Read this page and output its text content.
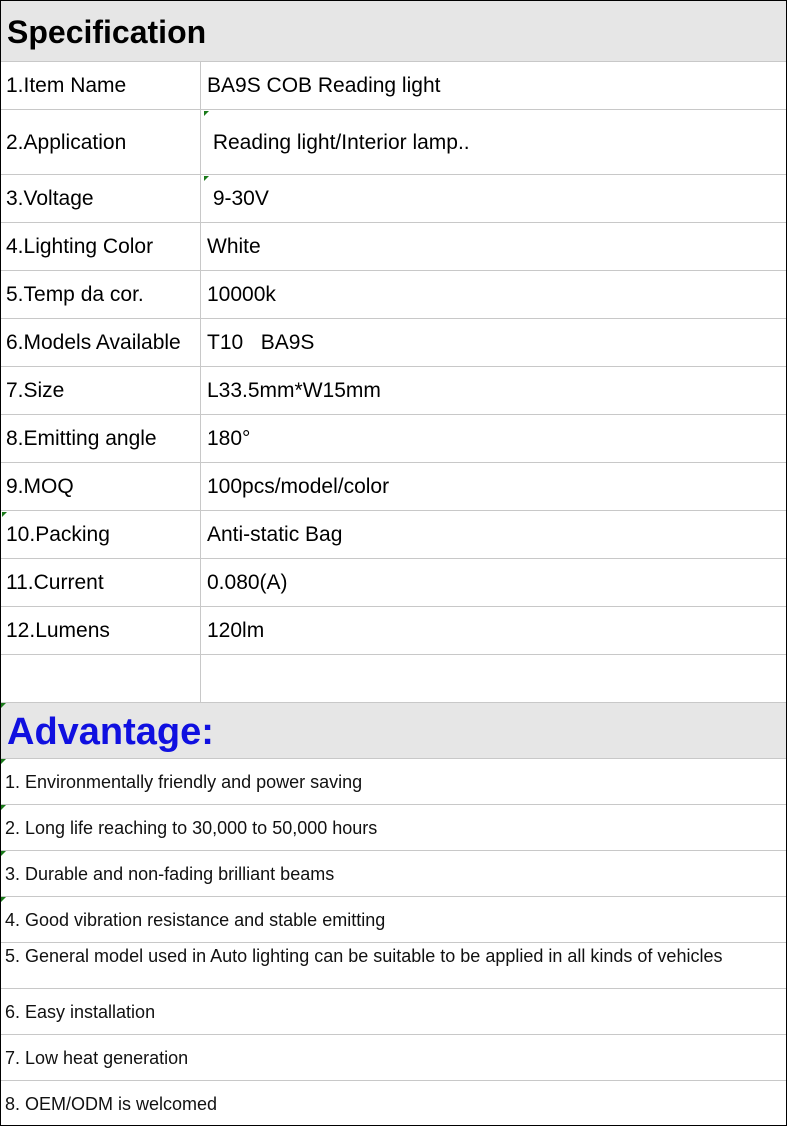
Specification
1.Item Name	BA9S COB Reading light
2.Application	Reading light/Interior lamp..
3.Voltage	9-30V
4.Lighting Color	White
5.Temp da cor.	10000k
6.Models Available T10   BA9S
7.Size	L33.5mm*W15mm
8.Emitting angle 180°
9.MOQ	100pcs/model/color
10.Packing	Anti-static Bag
11.Current	0.080(A)
12.Lumens	120lm
Advantage:
1. Environmentally friendly and power saving
2. Long life reaching to 30,000 to 50,000 hours
3. Durable and non-fading brilliant beams
4. Good vibration resistance and stable emitting
5. General model used in Auto lighting can be suitable to be applied in all kinds of vehicles
6. Easy installation
7. Low heat generation
8. OEM/ODM is welcomed
